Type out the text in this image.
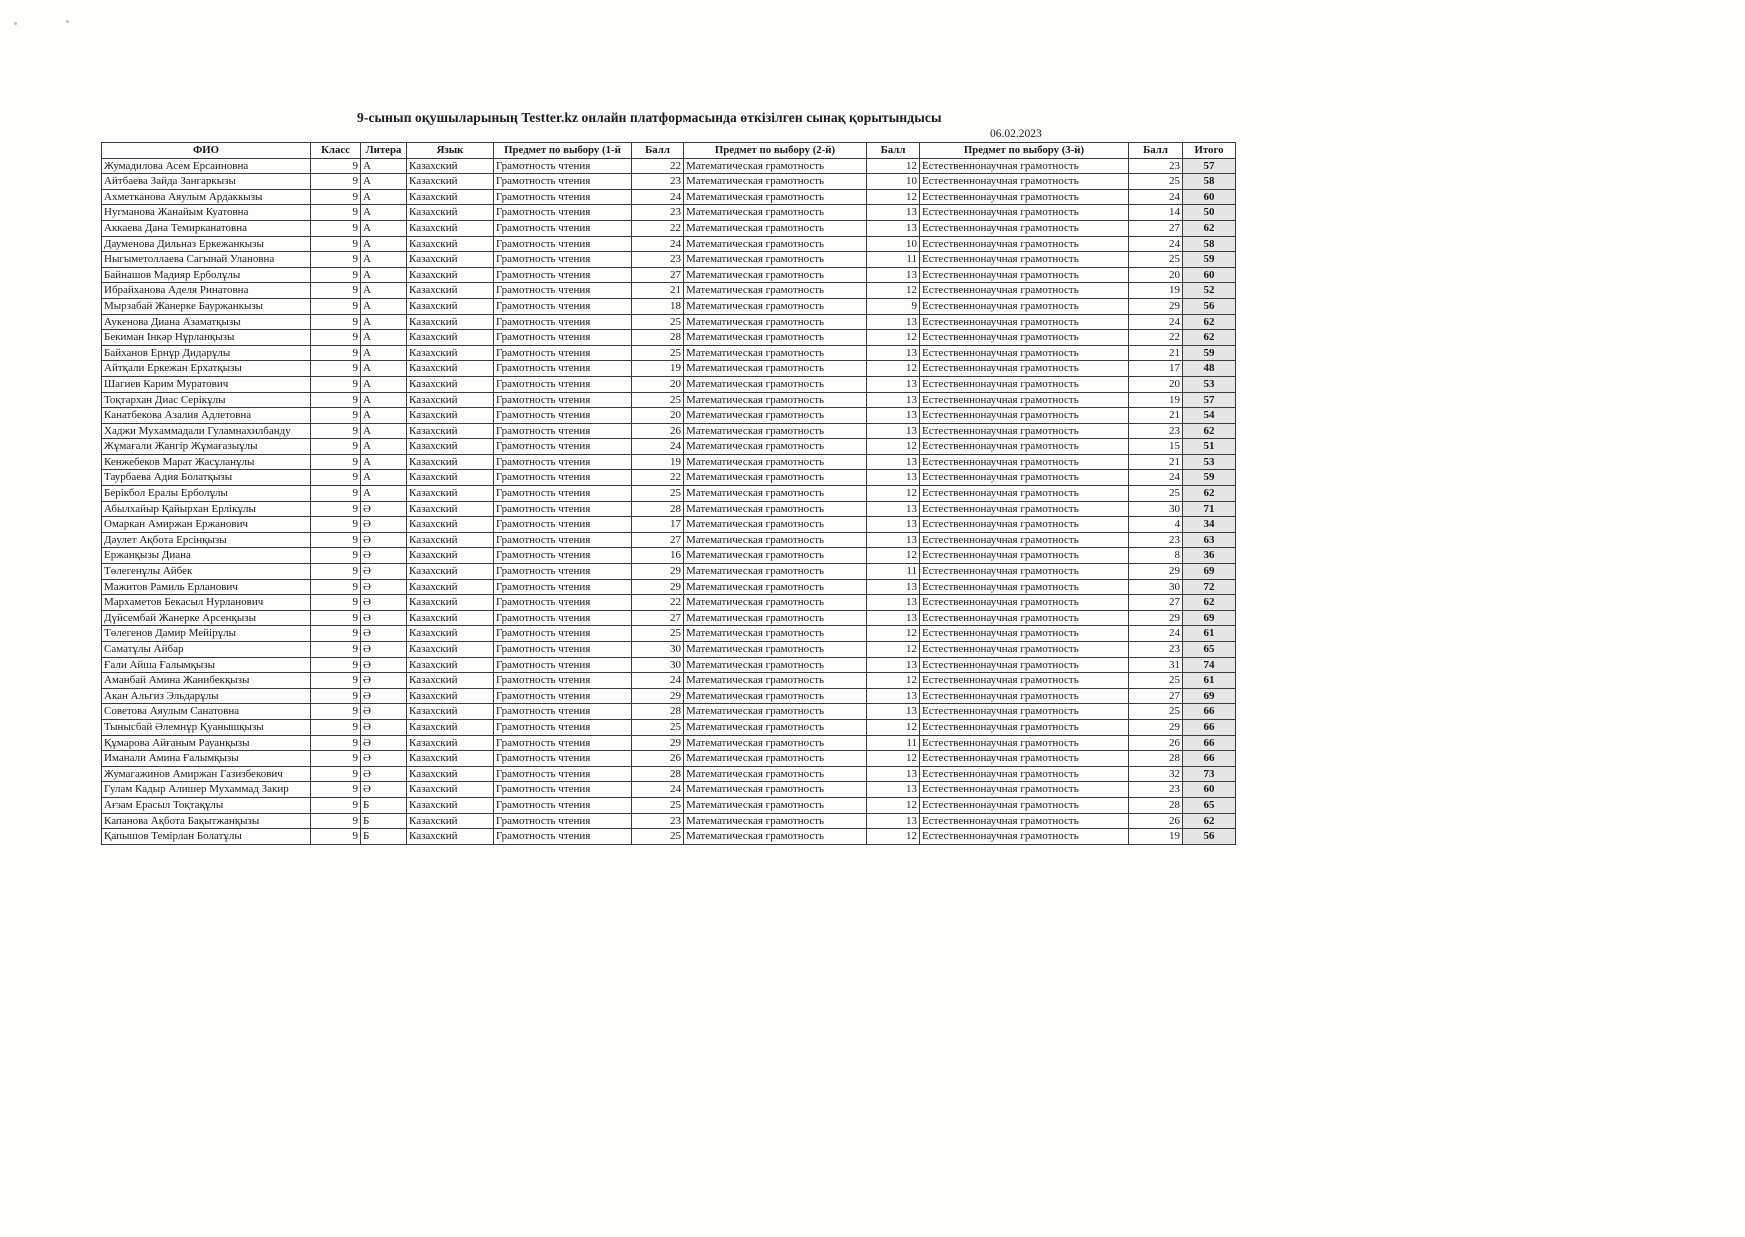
9-сынып оқушыларының Testter.kz онлайн платформасында өткізілген сынақ қорытындысы
06.02.2023
ФИО	Класс	Литера	Язык	Предмет по выбору (1-й	Балл	Предмет по выбору (2-й)	Балл	Предмет по выбору (3-й)	Балл	Итого
Жумадилова Асем Ерсаиновна	9	А	Казахский	Грамотность чтения	22	Математическая грамотность	12	Естественнонаучная грамотность	23	57
Айтбаева Зайда Зангаркызы	9	А	Казахский	Грамотность чтения	23	Математическая грамотность	10	Естественнонаучная грамотность	25	58
Ахметканова Аяулым Ардаккызы	9	А	Казахский	Грамотность чтения	24	Математическая грамотность	12	Естественнонаучная грамотность	24	60
Нугманова Жанайым Куатовна	9	А	Казахский	Грамотность чтения	23	Математическая грамотность	13	Естественнонаучная грамотность	14	50
Аккаева Дана Темирканатовна	9	А	Казахский	Грамотность чтения	22	Математическая грамотность	13	Естественнонаучная грамотность	27	62
Дауменова Дильназ Еркежанкызы	9	А	Казахский	Грамотность чтения	24	Математическая грамотность	10	Естественнонаучная грамотность	24	58
Ныгыметоллаева Сагынай Улановна	9	А	Казахский	Грамотность чтения	23	Математическая грамотность	11	Естественнонаучная грамотность	25	59
Байнашов Мадияр Ерболұлы	9	А	Казахский	Грамотность чтения	27	Математическая грамотность	13	Естественнонаучная грамотность	20	60
Ибрайханова Аделя Ринатовна	9	А	Казахский	Грамотность чтения	21	Математическая грамотность	12	Естественнонаучная грамотность	19	52
Мырзабай Жанерке Бауржанкызы	9	А	Казахский	Грамотность чтения	18	Математическая грамотность	9	Естественнонаучная грамотность	29	56
Аукенова Диана Азаматқызы	9	А	Казахский	Грамотность чтения	25	Математическая грамотность	13	Естественнонаучная грамотность	24	62
Бекиман Інкәр Нұрланқызы	9	А	Казахский	Грамотность чтения	28	Математическая грамотность	12	Естественнонаучная грамотность	22	62
Байханов Ернұр Дидарұлы	9	А	Казахский	Грамотность чтения	25	Математическая грамотность	13	Естественнонаучная грамотность	21	59
Айтқали Еркежан Ерхатқызы	9	А	Казахский	Грамотность чтения	19	Математическая грамотность	12	Естественнонаучная грамотность	17	48
Шагиев Карим Муратович	9	А	Казахский	Грамотность чтения	20	Математическая грамотность	13	Естественнонаучная грамотность	20	53
Тоқтархан Диас Серікұлы	9	А	Казахский	Грамотность чтения	25	Математическая грамотность	13	Естественнонаучная грамотность	19	57
Канатбекова Азалия Адлетовна	9	А	Казахский	Грамотность чтения	20	Математическая грамотность	13	Естественнонаучная грамотность	21	54
Хаджи Мухаммадали Гуламнахилбанду	9	А	Казахский	Грамотность чтения	26	Математическая грамотность	13	Естественнонаучная грамотность	23	62
Жұмағали Жангір Жұмағазыұлы	9	А	Казахский	Грамотность чтения	24	Математическая грамотность	12	Естественнонаучная грамотность	15	51
Кенжебеков Марат Жасұланұлы	9	А	Казахский	Грамотность чтения	19	Математическая грамотность	13	Естественнонаучная грамотность	21	53
Таурбаева Адия Болатқызы	9	А	Казахский	Грамотность чтения	22	Математическая грамотность	13	Естественнонаучная грамотность	24	59
Берікбол Ералы Ерболұлы	9	А	Казахский	Грамотность чтения	25	Математическая грамотность	12	Естественнонаучная грамотность	25	62
Абылхайыр Қайырхан Ерлікұлы	9	Ә	Казахский	Грамотность чтения	28	Математическая грамотность	13	Естественнонаучная грамотность	30	71
Омаркан Амиржан Ержанович	9	Ә	Казахский	Грамотность чтения	17	Математическая грамотность	13	Естественнонаучная грамотность	4	34
Дәулет Ақбота Ерсінқызы	9	Ә	Казахский	Грамотность чтения	27	Математическая грамотность	13	Естественнонаучная грамотность	23	63
Ержанқызы Диана	9	Ә	Казахский	Грамотность чтения	16	Математическая грамотность	12	Естественнонаучная грамотность	8	36
Төлегенұлы Айбек	9	Ә	Казахский	Грамотность чтения	29	Математическая грамотность	11	Естественнонаучная грамотность	29	69
Мажитов Рамиль Ерланович	9	Ә	Казахский	Грамотность чтения	29	Математическая грамотность	13	Естественнонаучная грамотность	30	72
Мархаметов Бекасыл Нурланович	9	Ә	Казахский	Грамотность чтения	22	Математическая грамотность	13	Естественнонаучная грамотность	27	62
Дүйсембай Жанерке Арсенқызы	9	Ә	Казахский	Грамотность чтения	27	Математическая грамотность	13	Естественнонаучная грамотность	29	69
Төлегенов Дамир Мейірұлы	9	Ә	Казахский	Грамотность чтения	25	Математическая грамотность	12	Естественнонаучная грамотность	24	61
Саматұлы Айбар	9	Ә	Казахский	Грамотность чтения	30	Математическая грамотность	12	Естественнонаучная грамотность	23	65
Ғали Айша Ғалымқызы	9	Ә	Казахский	Грамотность чтения	30	Математическая грамотность	13	Естественнонаучная грамотность	31	74
Аманбай Амина Жанибекқызы	9	Ә	Казахский	Грамотность чтения	24	Математическая грамотность	12	Естественнонаучная грамотность	25	61
Акан Альгиз Эльдарұлы	9	Ә	Казахский	Грамотность чтения	29	Математическая грамотность	13	Естественнонаучная грамотность	27	69
Советова Аяулым Санатовна	9	Ә	Казахский	Грамотность чтения	28	Математическая грамотность	13	Естественнонаучная грамотность	25	66
Тынысбай Әлемнұр Қуанышқызы	9	Ә	Казахский	Грамотность чтения	25	Математическая грамотность	12	Естественнонаучная грамотность	29	66
Құмарова Айғаным Рауанқызы	9	Ә	Казахский	Грамотность чтения	29	Математическая грамотность	11	Естественнонаучная грамотность	26	66
Иманали Амина Ғалымқызы	9	Ә	Казахский	Грамотность чтения	26	Математическая грамотность	12	Естественнонаучная грамотность	28	66
Жумагажинов Амиржан Газизбекович	9	Ә	Казахский	Грамотность чтения	28	Математическая грамотность	13	Естественнонаучная грамотность	32	73
Гулам Кадыр Алишер Мухаммад Закир	9	Ә	Казахский	Грамотность чтения	24	Математическая грамотность	13	Естественнонаучная грамотность	23	60
Ағзам Ерасыл Тоқтақұлы	9	Б	Казахский	Грамотность чтения	25	Математическая грамотность	12	Естественнонаучная грамотность	28	65
Капанова Ақбота Бақытжанқызы	9	Б	Казахский	Грамотность чтения	23	Математическая грамотность	13	Естественнонаучная грамотность	26	62
Қапышов Темірлан Болатұлы	9	Б	Казахский	Грамотность чтения	25	Математическая грамотность	12	Естественнонаучная грамотность	19	56
